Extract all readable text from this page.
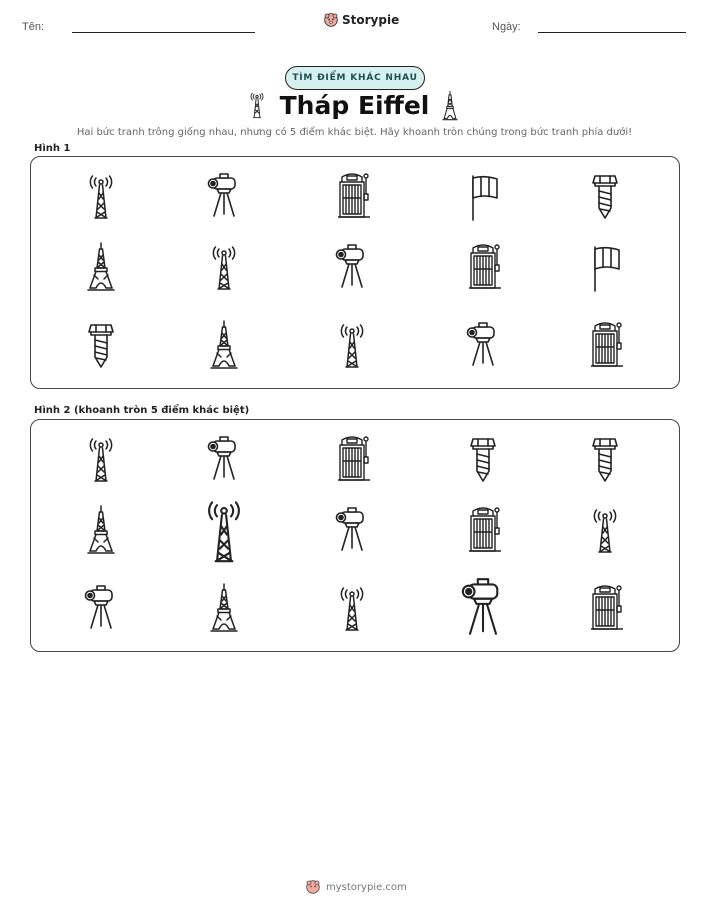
Tên:	Storypie	Ngày:
TÌM ĐIỂM KHÁC NHAU
Tháp Eiffel
Hai bức tranh trông giống nhau, nhưng có 5 điểm khác biệt. Hãy khoanh tròn chúng trong bức tranh phía dưới!
Hình 1
Hình 2 (khoanh tròn 5 điểm khác biệt)
mystorypie.com
